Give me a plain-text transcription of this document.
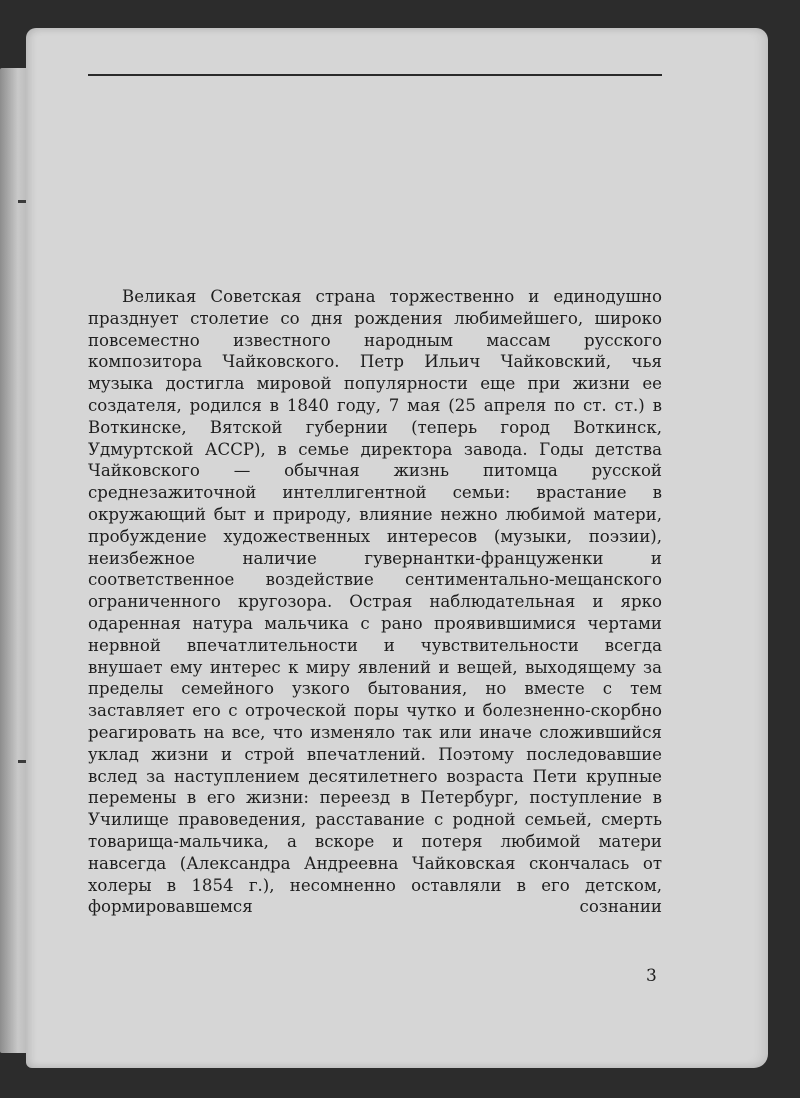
Великая Советская страна торжественно и единодушно празднует столетие со дня рождения любимейшего, широко повсеместно известного народным массам русского композитора Чайковского. Петр Ильич Чайковский, чья музыка достигла мировой популярности еще при жизни ее создателя, родился в 1840 году, 7 мая (25 апреля по ст. ст.) в Воткинске, Вятской губернии (теперь город Воткинск, Удмуртской АССР), в семье директора завода. Годы детства Чайковского — обычная жизнь питомца русской среднезажиточной интеллигентной семьи: врастание в окружающий быт и природу, влияние нежно любимой матери, пробуждение художественных интересов (музыки, поэзии), неизбежное наличие гувернантки-француженки и соответственное воздействие сентиментально-мещанского ограниченного кругозора. Острая наблюдательная и ярко одаренная натура мальчика с рано проявившимися чертами нервной впечатлительности и чувствительности всегда внушает ему интерес к миру явлений и вещей, выходящему за пределы семейного узкого бытования, но вместе с тем заставляет его с отроческой поры чутко и болезненно-скорбно реагировать на все, что изменяло так или иначе сложившийся уклад жизни и строй впечатлений. Поэтому последовавшие вслед за наступлением десятилетнего возраста Пети крупные перемены в его жизни: переезд в Петербург, поступление в Училище правоведения, расставание с родной семьей, смерть товарища-мальчика, а вскоре и потеря любимой матери навсегда (Александра Андреевна Чайковская скончалась от холеры в 1854 г.), несомненно оставляли в его детском, формировавшемся сознании

3
